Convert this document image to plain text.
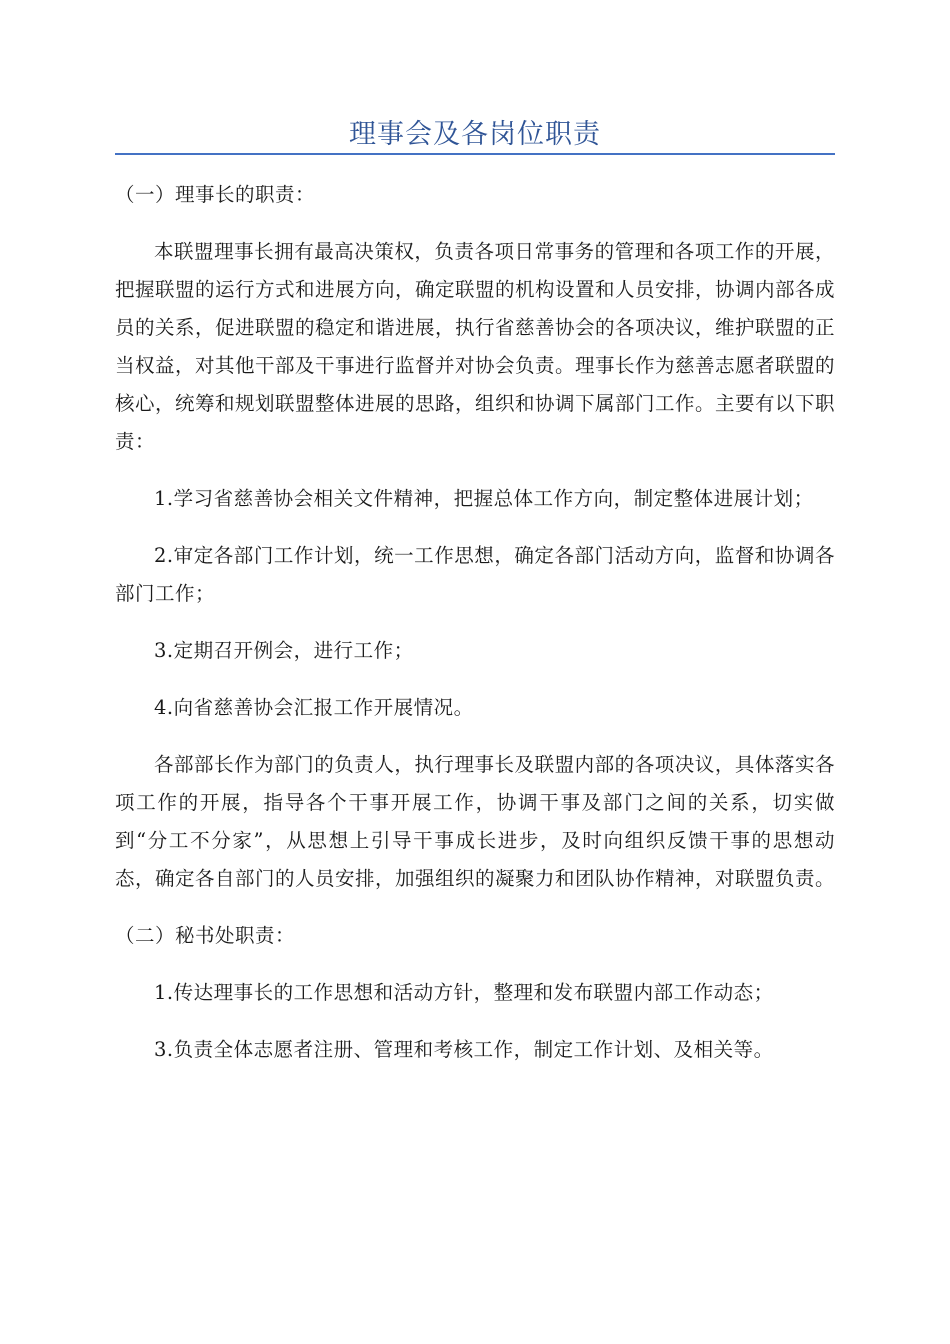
理事会及各岗位职责
（一）理事长的职责：

本联盟理事长拥有最高决策权，负责各项日常事务的管理和各项工作的开展，把握联盟的运行方式和进展方向，确定联盟的机构设置和人员安排，协调内部各成员的关系，促进联盟的稳定和谐进展，执行省慈善协会的各项决议，维护联盟的正当权益，对其他干部及干事进行监督并对协会负责。理事长作为慈善志愿者联盟的核心，统筹和规划联盟整体进展的思路，组织和协调下属部门工作。主要有以下职责：

1.学习省慈善协会相关文件精神，把握总体工作方向，制定整体进展计划；

2.审定各部门工作计划，统一工作思想，确定各部门活动方向，监督和协调各部门工作；

3.定期召开例会，进行工作；

4.向省慈善协会汇报工作开展情况。

各部部长作为部门的负责人，执行理事长及联盟内部的各项决议，具体落实各项工作的开展，指导各个干事开展工作，协调干事及部门之间的关系，切实做到“分工不分家”，从思想上引导干事成长进步，及时向组织反馈干事的思想动态，确定各自部门的人员安排，加强组织的凝聚力和团队协作精神，对联盟负责。

（二）秘书处职责：

1.传达理事长的工作思想和活动方针，整理和发布联盟内部工作动态；

3.负责全体志愿者注册、管理和考核工作，制定工作计划、及相关等。
